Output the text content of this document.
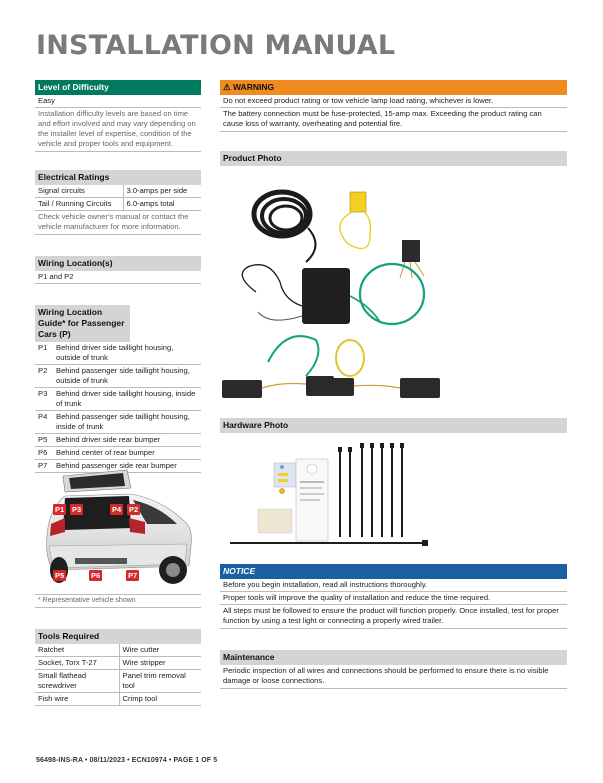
INSTALLATION MANUAL
Level of Difficulty
Easy
Installation difficulty levels are based on time and effort involved and may vary depending on the installer level of expertise, condition of the vehicle and proper tools and equipment.
Electrical Ratings
Signal circuits	3.0-amps per side
Tail / Running Circuits	6.0-amps total
Check vehicle owner's manual or contact the vehicle manufacturer for more information.
Wiring Location(s)
P1 and P2
Wiring Location Guide* for Passenger Cars (P)
P1	Behind driver side taillight housing, outside of trunk
P2	Behind passenger side taillight housing, outside of trunk
P3	Behind driver side taillight housing, inside of trunk
P4	Behind passenger side taillight housing, inside of trunk
P5	Behind driver side rear bumper
P6	Behind center of rear bumper
P7	Behind passenger side rear bumper
P1 P3	P4 P2
P5	P6	P7
* Representative vehicle shown
Tools Required
Ratchet	Wire cutter
Socket, Torx T-27	Wire stripper
Small flathead screwdriver	Panel trim removal tool
Fish wire	Crimp tool
⚠ WARNING
Do not exceed product rating or tow vehicle lamp load rating, whichever is lower.
The battery connection must be fuse-protected, 15-amp max. Exceeding the product rating can cause loss of warranty, overheating and potential fire.
Product Photo
Hardware Photo
NOTICE
Before you begin installation, read all instructions thoroughly.
Proper tools will improve the quality of installation and reduce the time required.
All steps must be followed to ensure the product will function properly. Once installed, test for proper function by using a test light or connecting a properly wired trailer.
Maintenance
Periodic inspection of all wires and connections should be performed to ensure there is no visible damage or loose connections.
56498-INS-RA • 08/11/2023 • ECN10974 • PAGE 1 OF 5
